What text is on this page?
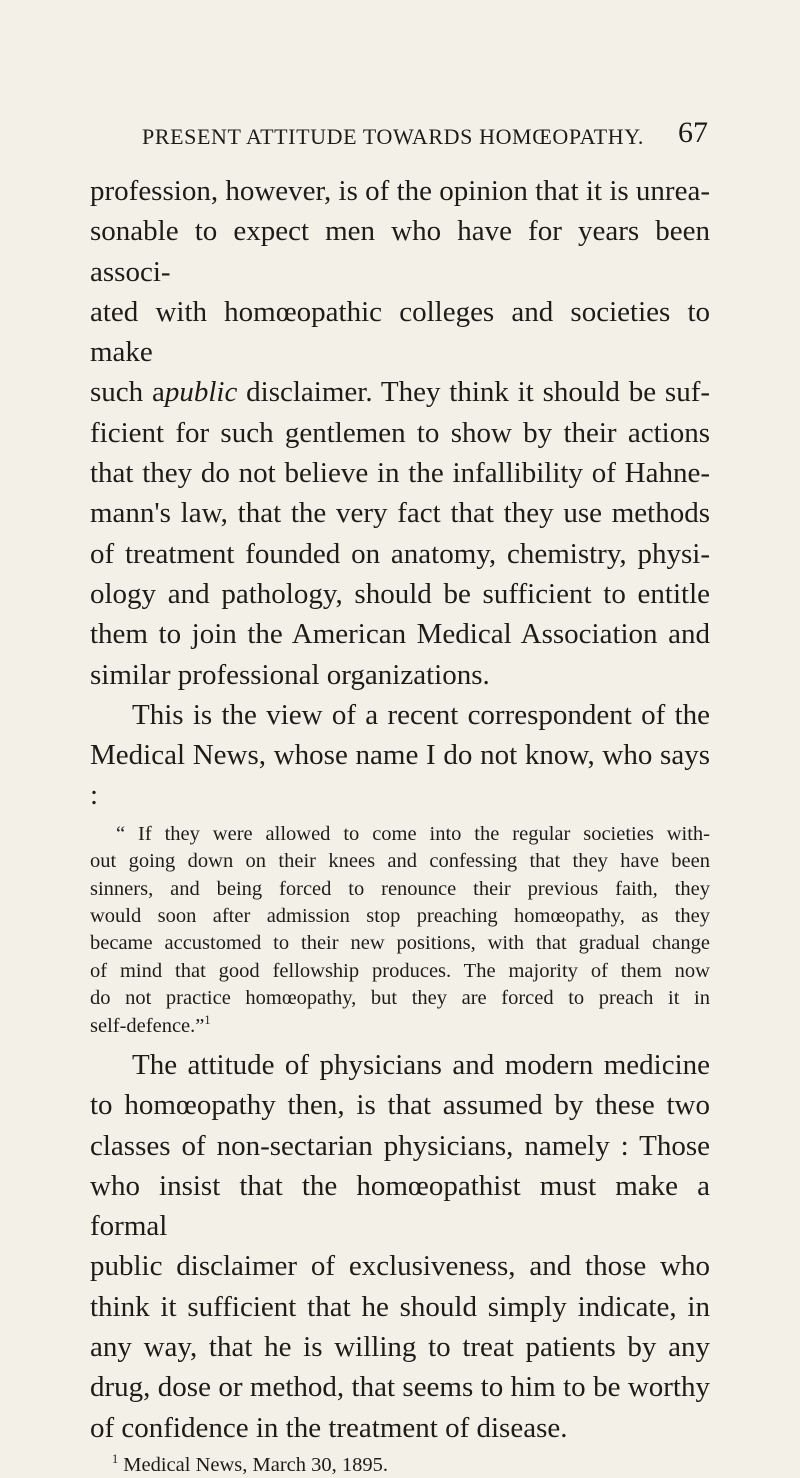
PRESENT ATTITUDE TOWARDS HOMŒOPATHY. 67

profession, however, is of the opinion that it is unrea-
sonable to expect men who have for years been associ-
ated with homœopathic colleges and societies to make
such apublic disclaimer. They think it should be suf-
ficient for such gentlemen to show by their actions
that they do not believe in the infallibility of Hahne-
mann's law, that the very fact that they use methods
of treatment founded on anatomy, chemistry, physi-
ology and pathology, should be sufficient to entitle
them to join the American Medical Association and
similar professional organizations.

This is the view of a recent correspondent of the
Medical News, whose name I do not know, who says :

“ If they were allowed to come into the regular societies with-
out going down on their knees and confessing that they have been
sinners, and being forced to renounce their previous faith, they
would soon after admission stop preaching homœopathy, as they
became accustomed to their new positions, with that gradual change
of mind that good fellowship produces. The majority of them now
do not practice homœopathy, but they are forced to preach it in
self-defence.”$^1$

The attitude of physicians and modern medicine
to homœopathy then, is that assumed by these two
classes of non-sectarian physicians, namely : Those
who insist that the homœopathist must make a formal
public disclaimer of exclusiveness, and those who
think it sufficient that he should simply indicate, in
any way, that he is willing to treat patients by any
drug, dose or method, that seems to him to be worthy
of confidence in the treatment of disease.

$^1$ Medical News, March 30, 1895.
